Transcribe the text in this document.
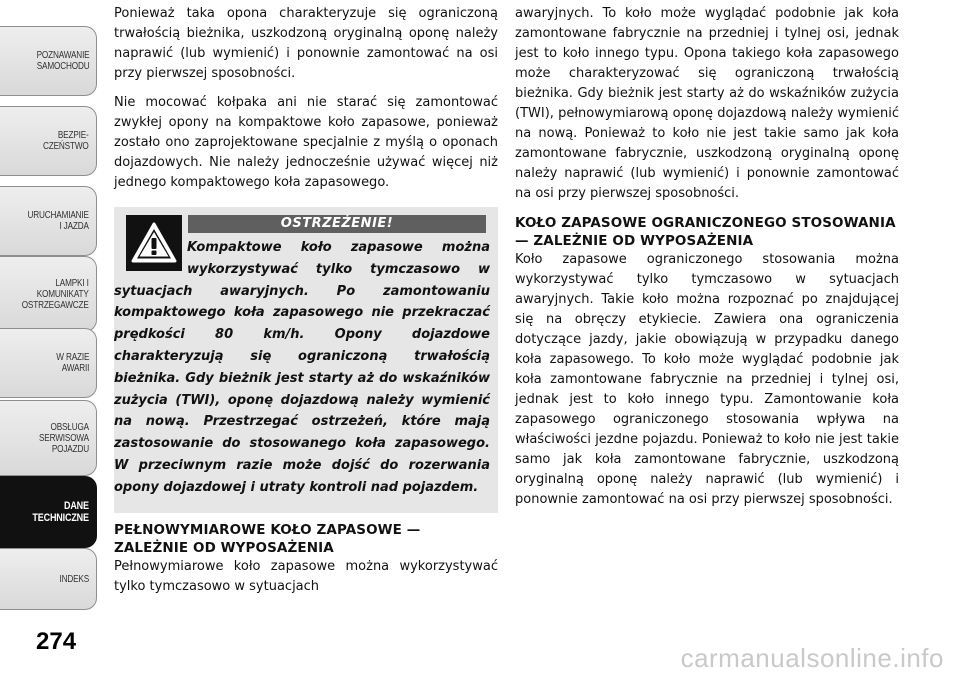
POZNAWANIE
SAMOCHODU
BEZPIE-
CZEŃSTWO
URUCHAMIANIE
I JAZDA
LAMPKI I
KOMUNIKATY
OSTRZEGAWCZE
W RAZIE
AWARII
OBSŁUGA
SERWISOWA
POJAZDU
DANE
TECHNICZNE
INDEKS
274

Ponieważ taka opona charakteryzuje się ograniczoną trwałością bieżnika, uszkodzoną oryginalną oponę należy naprawić (lub wymienić) i ponownie zamontować na osi przy pierwszej sposobności.

Nie mocować kołpaka ani nie starać się zamontować zwykłej opony na kompaktowe koło zapasowe, ponieważ zostało ono zaprojektowane specjalnie z myślą o oponach dojazdowych. Nie należy jednocześnie używać więcej niż jednego kompaktowego koła zapasowego.

OSTRZEŻENIE!
Kompaktowe koło zapasowe można wykorzystywać tylko tymczasowo w sytuacjach awaryjnych. Po zamontowaniu kompaktowego koła zapasowego nie przekraczać prędkości 80 km/h. Opony dojazdowe charakteryzują się ograniczoną trwałością bieżnika. Gdy bieżnik jest starty aż do wskaźników zużycia (TWI), oponę dojazdową należy wymienić na nową. Przestrzegać ostrzeżeń, które mają zastosowanie do stosowanego koła zapasowego. W przeciwnym razie może dojść do rozerwania opony dojazdowej i utraty kontroli nad pojazdem.
PEŁNOWYMIAROWE KOŁO ZAPASOWE — ZALEŻNIE OD WYPOSAŻENIA

Pełnowymiarowe koło zapasowe można wykorzystywać tylko tymczasowo w sytuacjach

awaryjnych. To koło może wyglądać podobnie jak koła zamontowane fabrycznie na przedniej i tylnej osi, jednak jest to koło innego typu. Opona takiego koła zapasowego może charakteryzować się ograniczoną trwałością bieżnika. Gdy bieżnik jest starty aż do wskaźników zużycia (TWI), pełnowymiarową oponę dojazdową należy wymienić na nową. Ponieważ to koło nie jest takie samo jak koła zamontowane fabrycznie, uszkodzoną oryginalną oponę należy naprawić (lub wymienić) i ponownie zamontować na osi przy pierwszej sposobności.

KOŁO ZAPASOWE OGRANICZONEGO STOSOWANIA — ZALEŻNIE OD WYPOSAŻENIA

Koło zapasowe ograniczonego stosowania można wykorzystywać tylko tymczasowo w sytuacjach awaryjnych. Takie koło można rozpoznać po znajdującej się na obręczy etykiecie. Zawiera ona ograniczenia dotyczące jazdy, jakie obowiązują w przypadku danego koła zapasowego. To koło może wyglądać podobnie jak koła zamontowane fabrycznie na przedniej i tylnej osi, jednak jest to koło innego typu. Zamontowanie koła zapasowego ograniczonego stosowania wpływa na właściwości jezdne pojazdu. Ponieważ to koło nie jest takie samo jak koła zamontowane fabrycznie, uszkodzoną oryginalną oponę należy naprawić (lub wymienić) i ponownie zamontować na osi przy pierwszej sposobności.

carmanualsonline.info
